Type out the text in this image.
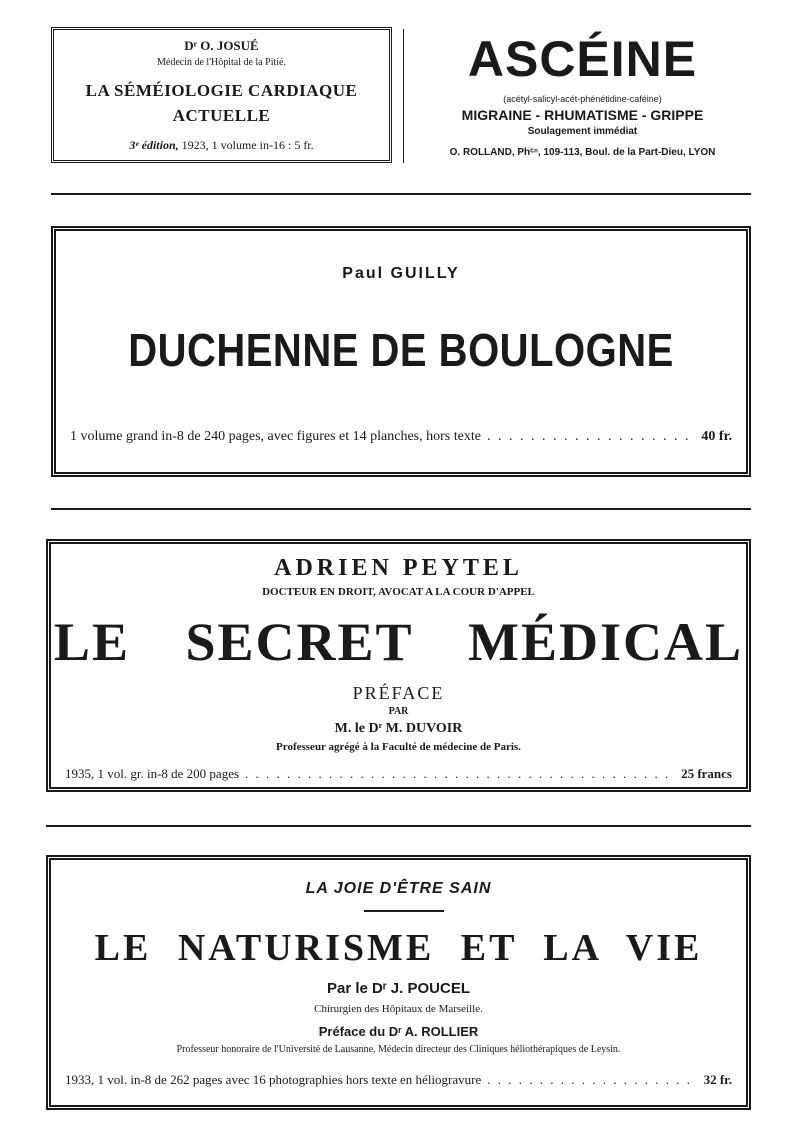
Dʳ O. JOSUÉ
Médecin de l'Hôpital de la Pitié.
LA SÉMÉIOLOGIE CARDIAQUE
ACTUELLE
3ᵉ édition, 1923, 1 volume in-16 : 5 fr.
ASCÉINE
(acétyl-salicyl-acét-phénétidine-caféine)
MIGRAINE - RHUMATISME - GRIPPE
Soulagement immédiat
O. ROLLAND, Phᶜⁿ, 109-113, Boul. de la Part-Dieu, LYON
Paul GUILLY
DUCHENNE DE BOULOGNE
1 volume grand in-8 de 240 pages, avec figures et 14 planches, hors texte . . .	40 fr.
ADRIEN PEYTEL
DOCTEUR EN DROIT, AVOCAT A LA COUR D'APPEL
LE SECRET MÉDICAL
PRÉFACE
PAR
M. le Dʳ M. DUVOIR
Professeur agrégé à la Faculté de médecine de Paris.
1935, 1 vol. gr. in-8 de 200 pages . . .	25 francs
LA JOIE D'ÊTRE SAIN
LE NATURISME ET LA VIE
Par le Dʳ J. POUCEL
Chirurgien des Hôpitaux de Marseille.
Préface du Dʳ A. ROLLIER
Professeur honoraire de l'Université de Lausanne, Médecin directeur des Cliniques héliothérapiques de Leysin.
1933, 1 vol. in-8 de 262 pages avec 16 photographies hors texte en héliogravure . . .	32 fr.
